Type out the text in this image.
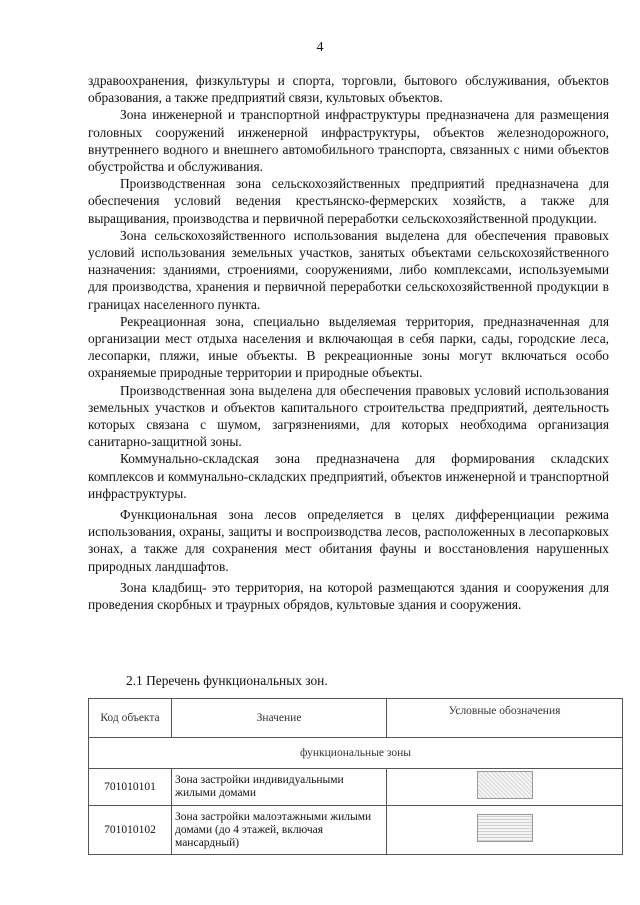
4

здравоохранения, физкультуры и спорта, торговли, бытового обслуживания, объектов образования, а также предприятий связи, культовых объектов.

Зона инженерной и транспортной инфраструктуры предназначена для размещения головных сооружений инженерной инфраструктуры, объектов железнодорожного, внутреннего водного и внешнего автомобильного транспорта, связанных с ними объектов обустройства и обслуживания.

Производственная зона сельскохозяйственных предприятий предназначена для обеспечения условий ведения крестьянско-фермерских хозяйств, а также для выращивания, производства и первичной переработки сельскохозяйственной продукции.

Зона сельскохозяйственного использования выделена для обеспечения правовых условий использования земельных участков, занятых объектами сельскохозяйственного назначения: зданиями, строениями, сооружениями, либо комплексами, используемыми для производства, хранения и первичной переработки сельскохозяйственной продукции в границах населенного пункта.

Рекреационная зона, специально выделяемая территория, предназначенная для организации мест отдыха населения и включающая в себя парки, сады, городские леса, лесопарки, пляжи, иные объекты. В рекреационные зоны могут включаться особо охраняемые природные территории и природные объекты.

Производственная зона выделена для обеспечения правовых условий использования земельных участков и объектов капитального строительства предприятий, деятельность которых связана с шумом, загрязнениями, для которых необходима организация санитарно-защитной зоны.

Коммунально-складская зона предназначена для формирования складских комплексов и коммунально-складских предприятий, объектов инженерной и транспортной инфраструктуры.

Функциональная зона лесов определяется в целях дифференциации режима использования, охраны, защиты и воспроизводства лесов, расположенных в лесопарковых зонах, а также для сохранения мест обитания фауны и восстановления нарушенных природных ландшафтов.

Зона кладбищ- это территория, на которой размещаются здания и сооружения для проведения скорбных и траурных обрядов, культовые здания и сооружения.

2.1 Перечень функциональных зон.
Код объекта	Значение	Условные обозначения
функциональные зоны		
701010101	Зона застройки индивидуальными жилыми домами	
701010102	Зона застройки малоэтажными жилыми домами (до 4 этажей, включая мансардный)	
